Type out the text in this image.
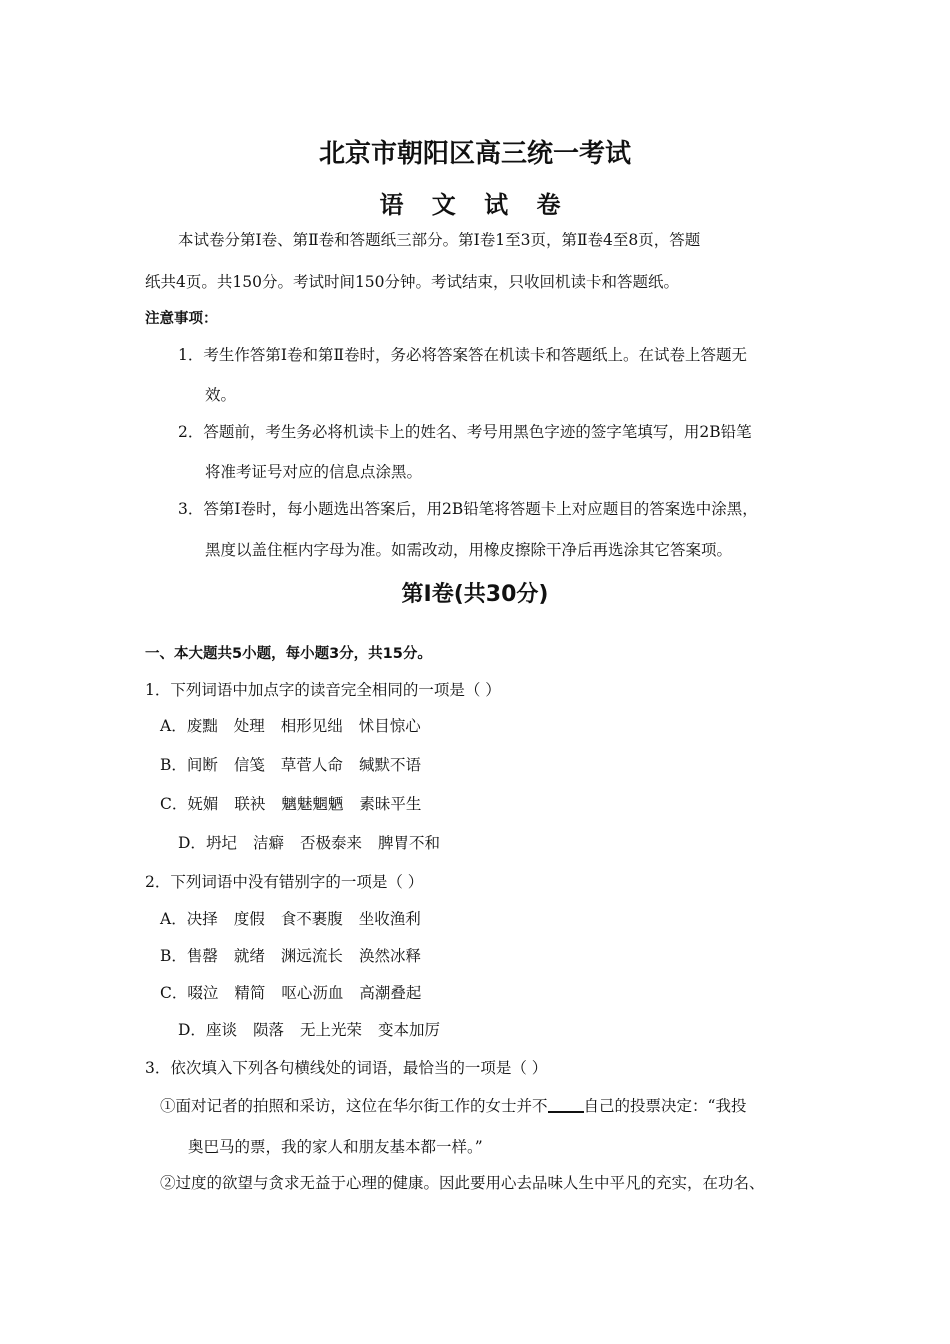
北京市朝阳区高三统一考试
语 文 试 卷
本试卷分第Ⅰ卷、第Ⅱ卷和答题纸三部分。第Ⅰ卷1至3页，第Ⅱ卷4至8页，答题
纸共4页。共150分。考试时间150分钟。考试结束，只收回机读卡和答题纸。
注意事项：
1．考生作答第Ⅰ卷和第Ⅱ卷时，务必将答案答在机读卡和答题纸上。在试卷上答题无
效。
2．答题前，考生务必将机读卡上的姓名、考号用黑色字迹的签字笔填写，用2B铅笔
将准考证号对应的信息点涂黑。
3．答第Ⅰ卷时，每小题选出答案后，用2B铅笔将答题卡上对应题目的答案选中涂黑，
黑度以盖住框内字母为准。如需改动，用橡皮擦除干净后再选涂其它答案项。
第Ⅰ卷(共30分)
一、本大题共5小题，每小题3分，共15分。
1．下列词语中加点字的读音完全相同的一项是（ ）
A．废黜 处理 相形见绌 怵目惊心
B．间断 信笺 草菅人命 缄默不语
C．妩媚 联袂 魑魅魍魉 素昧平生
D．坍圮 洁癖 否极泰来 脾胃不和
2．下列词语中没有错别字的一项是（ ）
A．决择 度假 食不裹腹 坐收渔利
B．售罄 就绪 渊远流长 涣然冰释
C．啜泣 精简 呕心沥血 高潮叠起
D．座谈 陨落 无上光荣 变本加厉
3．依次填入下列各句横线处的词语，最恰当的一项是（ ）
①面对记者的拍照和采访，这位在华尔街工作的女士并不 自己的投票决定：“我投
奥巴马的票，我的家人和朋友基本都一样。”
②过度的欲望与贪求无益于心理的健康。因此要用心去品味人生中平凡的充实，在功名、
